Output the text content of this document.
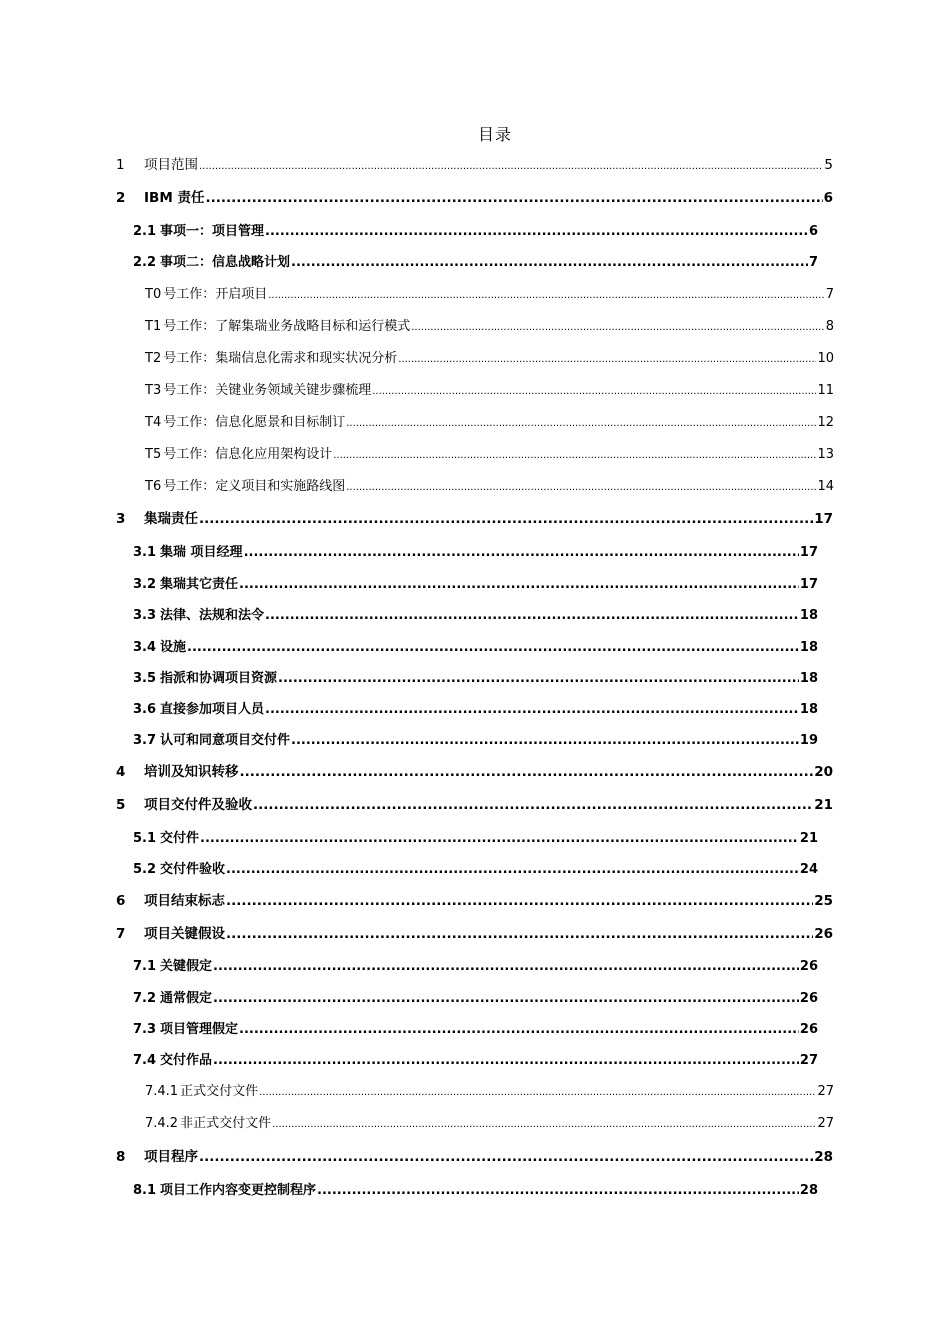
目录
1	项目范围 .....	5
2	IBM 责任 .....	6
2.1 事项一：项目管理 .....	6
2.2 事项二：信息战略计划 .....	7
T0 号工作：开启项目 .....	7
T1 号工作：了解集瑞业务战略目标和运行模式 .....	8
T2 号工作：集瑞信息化需求和现实状况分析 .....	10
T3 号工作：关键业务领域关键步骤梳理 .....	11
T4 号工作：信息化愿景和目标制订 .....	12
T5 号工作：信息化应用架构设计 .....	13
T6 号工作：定义项目和实施路线图 .....	14
3	集瑞责任 .....	17
3.1 集瑞 项目经理 .....	17
3.2 集瑞其它责任 .....	17
3.3 法律、法规和法令 .....	18
3.4 设施 .....	18
3.5 指派和协调项目资源 .....	18
3.6 直接参加项目人员 .....	18
3.7 认可和同意项目交付件 .....	19
4	培训及知识转移 .....	20
5	项目交付件及验收 .....	21
5.1 交付件 .....	21
5.2 交付件验收 .....	24
6	项目结束标志 .....	25
7	项目关键假设 .....	26
7.1 关键假定 .....	26
7.2 通常假定 .....	26
7.3 项目管理假定 .....	26
7.4 交付作品 .....	27
7.4.1 正式交付文件 .....	27
7.4.2 非正式交付文件 .....	27
8	项目程序 .....	28
8.1 项目工作内容变更控制程序 .....	28
